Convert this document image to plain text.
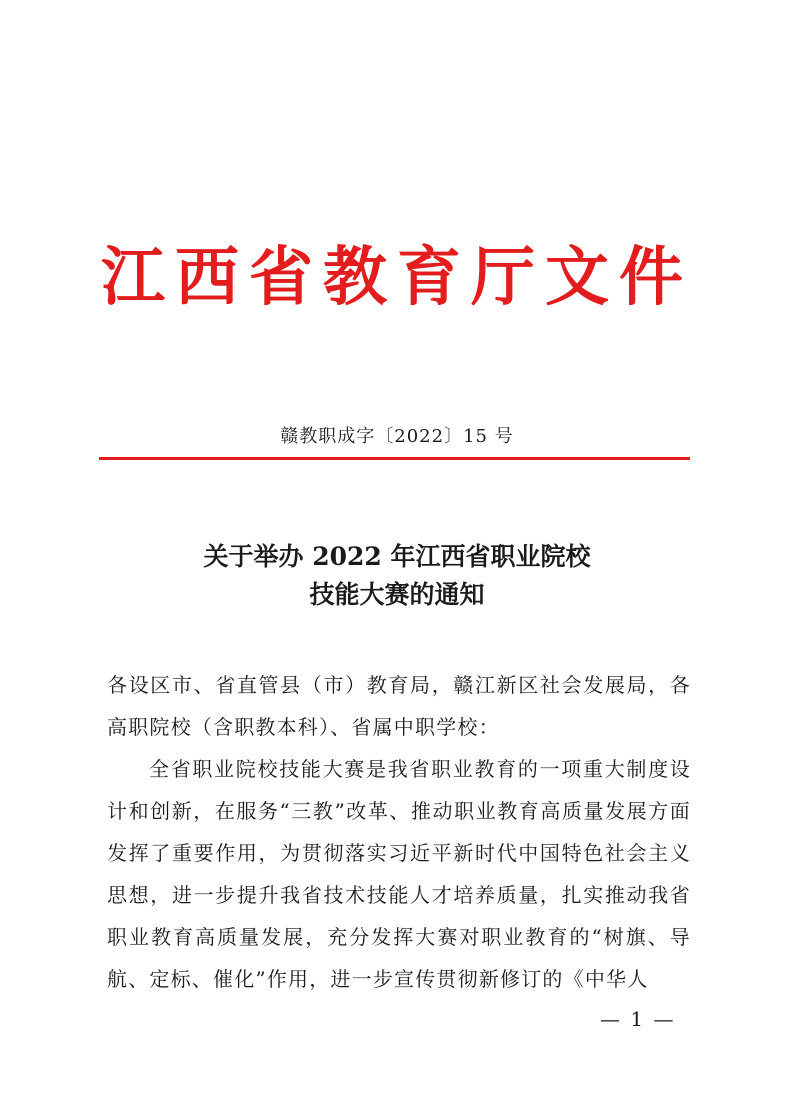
江西省教育厅文件
赣教职成字〔2022〕15 号
关于举办 2022 年江西省职业院校
技能大赛的通知

各设区市、省直管县（市）教育局，赣江新区社会发展局，各高职院校（含职教本科）、省属中职学校：

全省职业院校技能大赛是我省职业教育的一项重大制度设计和创新，在服务“三教”改革、推动职业教育高质量发展方面发挥了重要作用，为贯彻落实习近平新时代中国特色社会主义思想，进一步提升我省技术技能人才培养质量，扎实推动我省职业教育高质量发展，充分发挥大赛对职业教育的“树旗、导航、定标、催化”作用，进一步宣传贯彻新修订的《中华人

— 1 —
